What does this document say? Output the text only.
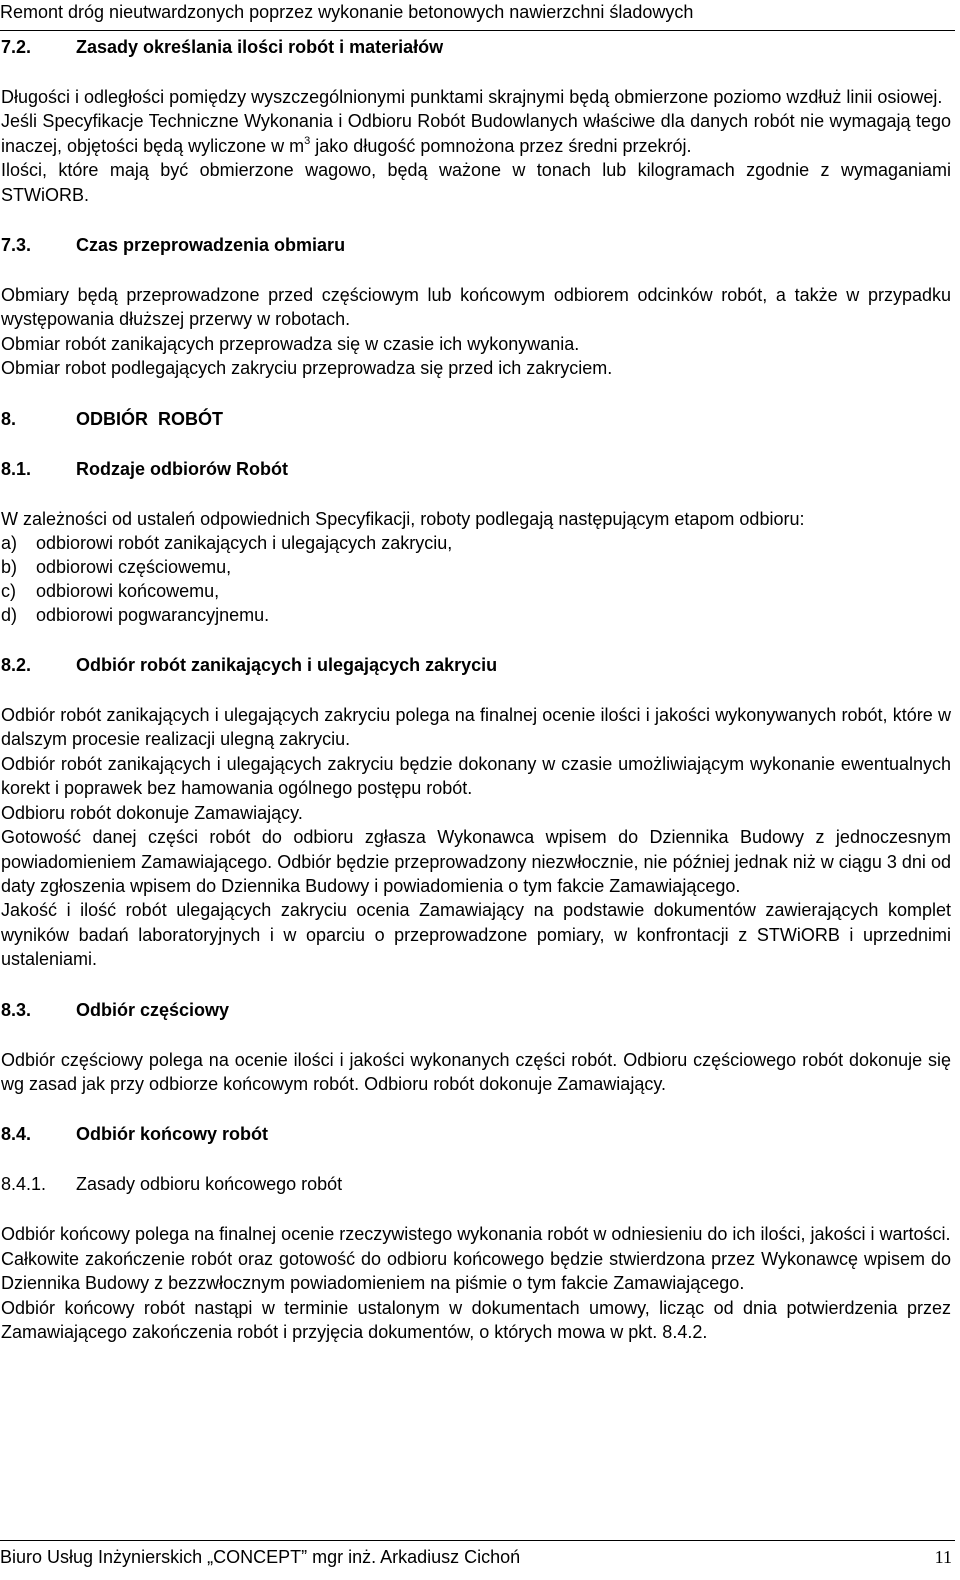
Remont dróg nieutwardzonych poprzez wykonanie betonowych nawierzchni śladowych
7.2. Zasady określania ilości robót i materiałów

Długości i odległości pomiędzy wyszczególnionymi punktami skrajnymi będą obmierzone poziomo wzdłuż linii osiowej.

Jeśli Specyfikacje Techniczne Wykonania i Odbioru Robót Budowlanych właściwe dla danych robót nie wymagają tego inaczej, objętości będą wyliczone w $m^3$ jako długość pomnożona przez średni przekrój.

Ilości, które mają być obmierzone wagowo, będą ważone w tonach lub kilogramach zgodnie z wymaganiami STWiORB.

7.3. Czas przeprowadzenia obmiaru

Obmiary będą przeprowadzone przed częściowym lub końcowym odbiorem odcinków robót, a także w przypadku występowania dłuższej przerwy w robotach.

Obmiar robót zanikających przeprowadza się w czasie ich wykonywania.

Obmiar robot podlegających zakryciu przeprowadza się przed ich zakryciem.

8.	ODBIÓR  ROBÓT
8.1. Rodzaje odbiorów Robót

W zależności od ustaleń odpowiednich Specyfikacji, roboty podlegają następującym etapom odbioru:

a) odbiorowi robót zanikających i ulegających zakryciu,
b) odbiorowi częściowemu,
c) odbiorowi końcowemu,
d) odbiorowi pogwarancyjnemu.
8.2. Odbiór robót zanikających i ulegających zakryciu

Odbiór robót zanikających i ulegających zakryciu polega na finalnej ocenie ilości i jakości wykonywanych robót, które w dalszym procesie realizacji ulegną zakryciu.

Odbiór robót zanikających i ulegających zakryciu będzie dokonany w czasie umożliwiającym wykonanie ewentualnych korekt i poprawek bez hamowania ogólnego postępu robót.

Odbioru robót dokonuje Zamawiający.

Gotowość danej części robót do odbioru zgłasza Wykonawca wpisem do Dziennika Budowy z jednoczesnym powiadomieniem Zamawiającego. Odbiór będzie przeprowadzony niezwłocznie, nie później jednak niż w ciągu 3 dni od daty zgłoszenia wpisem do Dziennika Budowy i powiadomienia o tym fakcie Zamawiającego.

Jakość i ilość robót ulegających zakryciu ocenia Zamawiający na podstawie dokumentów zawierających komplet wyników badań laboratoryjnych i w oparciu o przeprowadzone pomiary, w konfrontacji z STWiORB i uprzednimi ustaleniami.

8.3. Odbiór częściowy

Odbiór częściowy polega na ocenie ilości i jakości wykonanych części robót. Odbioru częściowego robót dokonuje się wg zasad jak przy odbiorze końcowym robót. Odbioru robót dokonuje Zamawiający.

8.4. Odbiór końcowy robót
8.4.1. Zasady odbioru końcowego robót

Odbiór końcowy polega na finalnej ocenie rzeczywistego wykonania robót w odniesieniu do ich ilości, jakości i wartości.

Całkowite zakończenie robót oraz gotowość do odbioru końcowego będzie stwierdzona przez Wykonawcę wpisem do Dziennika Budowy z bezzwłocznym powiadomieniem na piśmie o tym fakcie Zamawiającego.

Odbiór końcowy robót nastąpi w terminie ustalonym w dokumentach umowy, licząc od dnia potwierdzenia przez Zamawiającego zakończenia robót i przyjęcia dokumentów, o których mowa w pkt. 8.4.2.

Biuro Usług Inżynierskich „CONCEPT” mgr inż. Arkadiusz Cichoń	11
